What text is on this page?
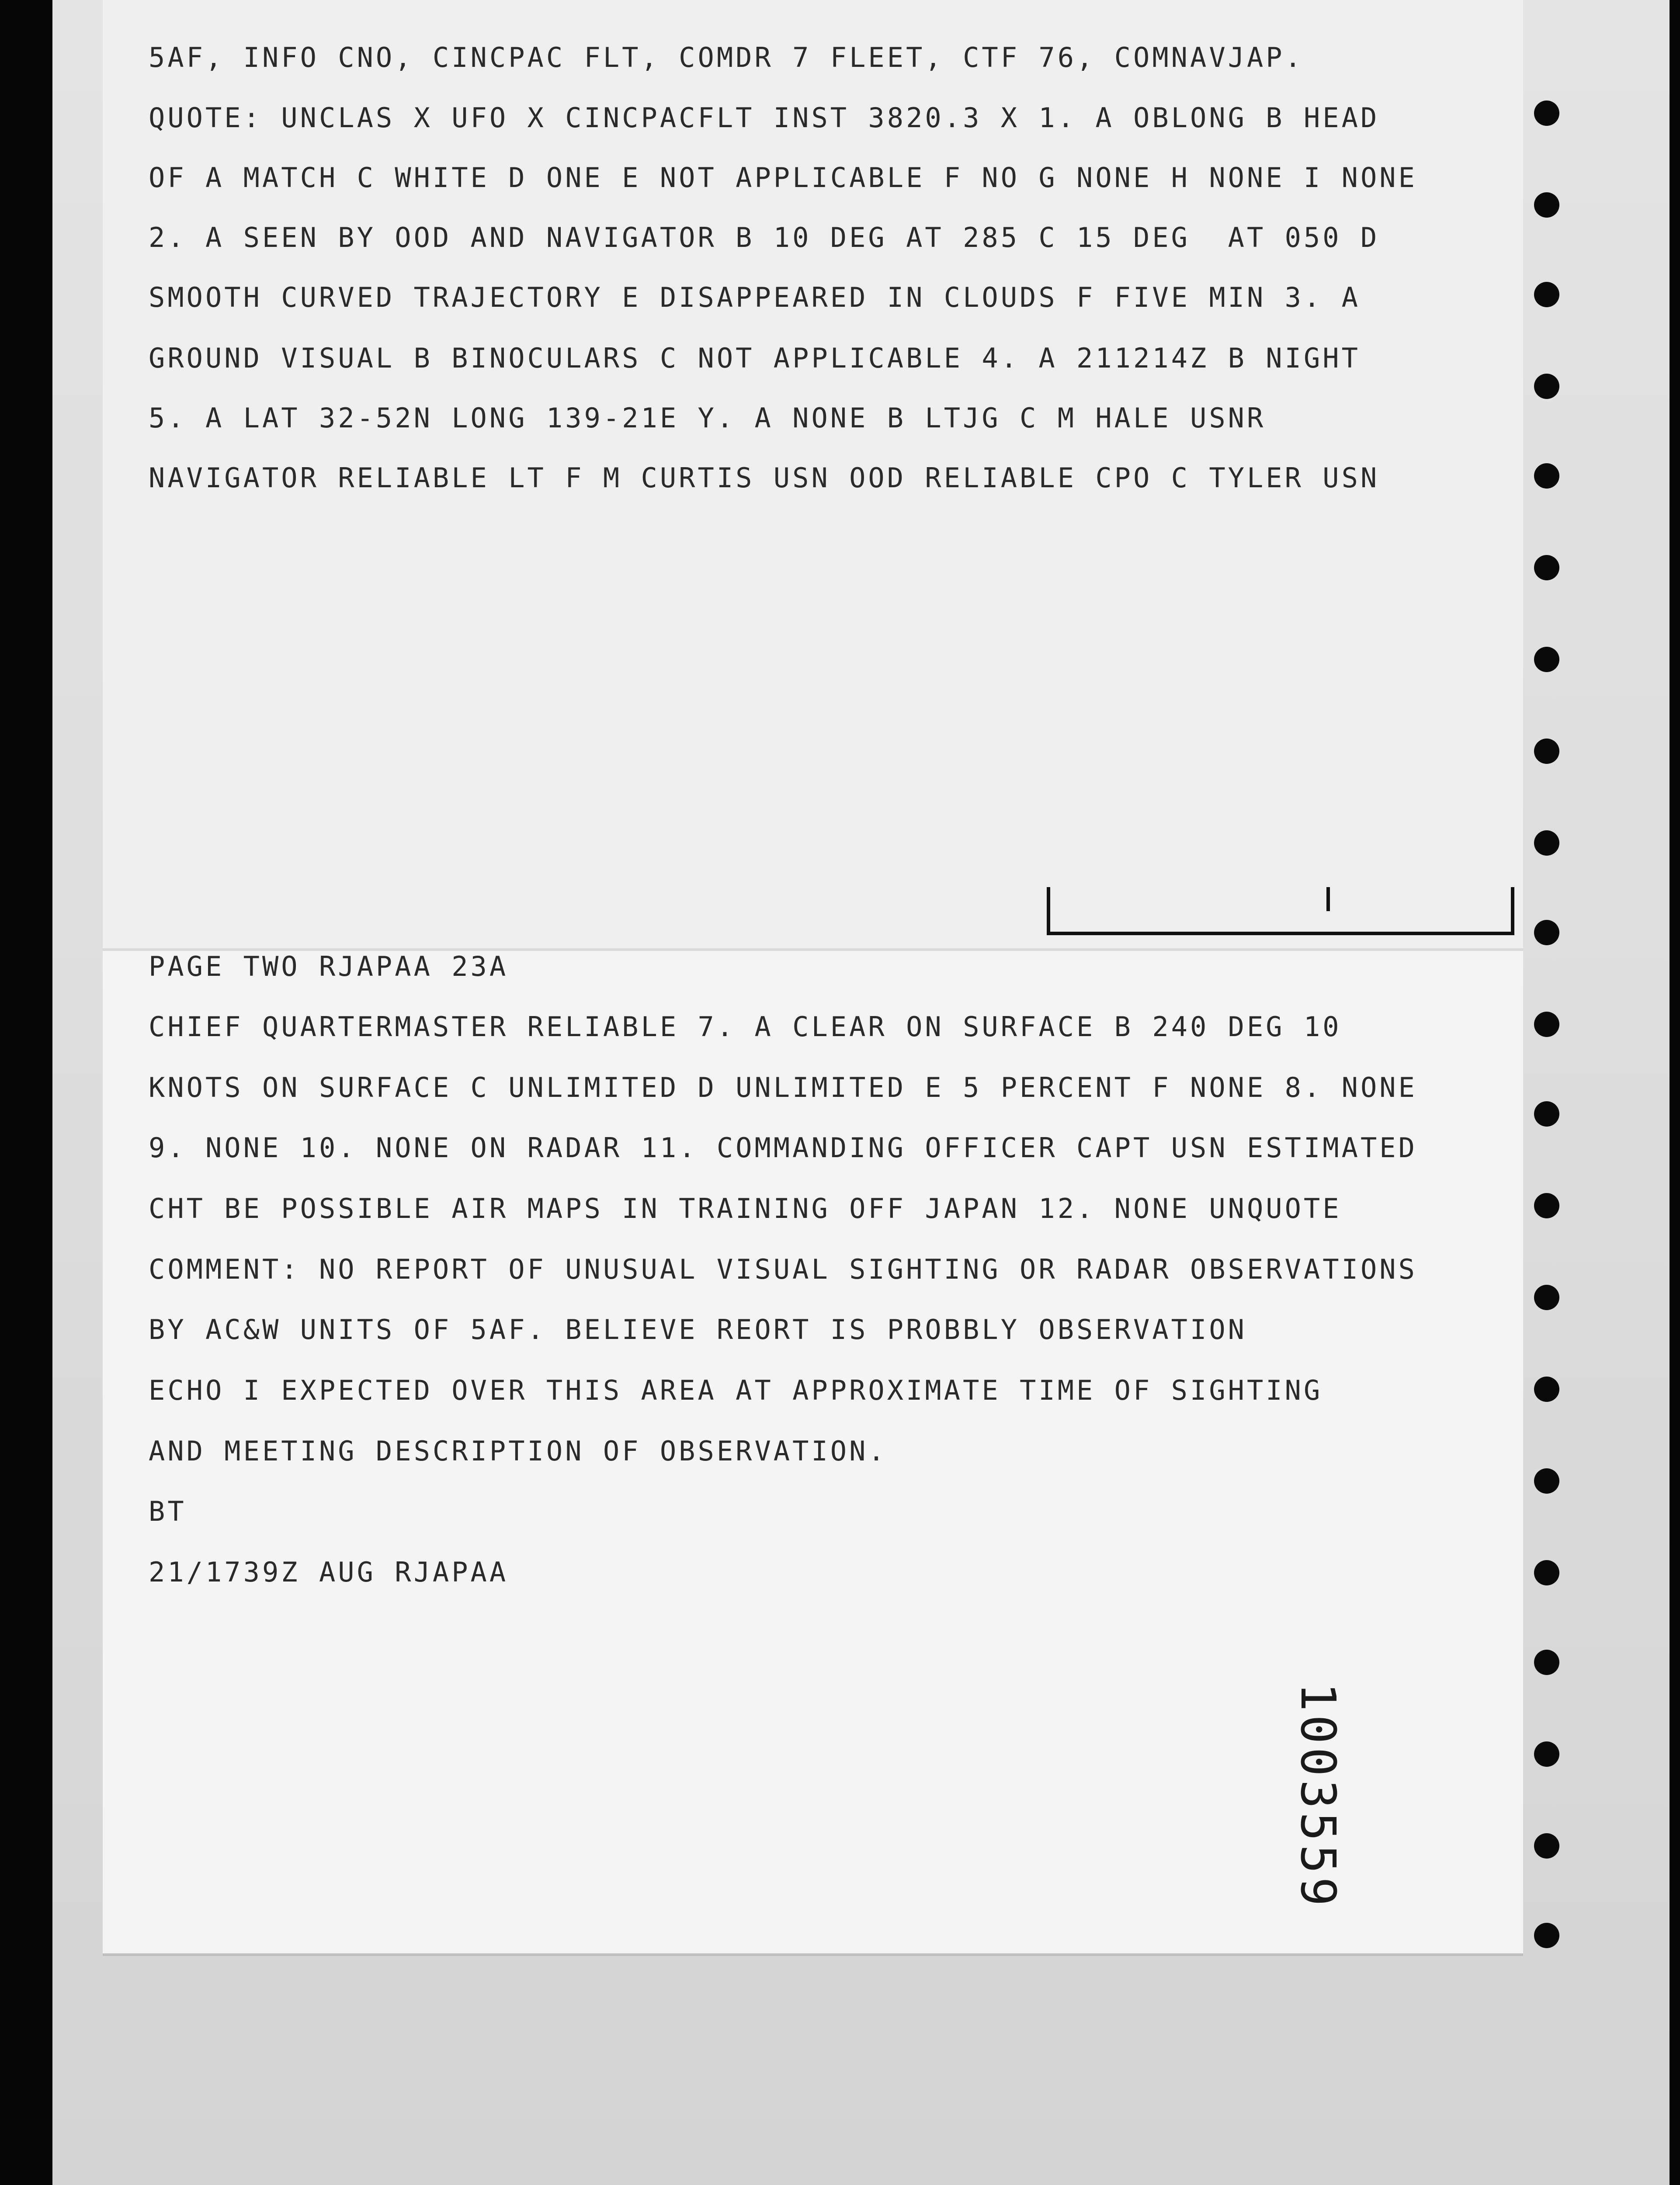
5AF, INFO CNO, CINCPAC FLT, COMDR 7 FLEET, CTF 76, COMNAVJAP.
QUOTE: UNCLAS X UFO X CINCPACFLT INST 3820.3 X 1. A OBLONG B HEAD
OF A MATCH C WHITE D ONE E NOT APPLICABLE F NO G NONE H NONE I NONE
2. A SEEN BY OOD AND NAVIGATOR B 10 DEG AT 285 C 15 DEG  AT 050 D
SMOOTH CURVED TRAJECTORY E DISAPPEARED IN CLOUDS F FIVE MIN 3. A
GROUND VISUAL B BINOCULARS C NOT APPLICABLE 4. A 211214Z B NIGHT
5. A LAT 32-52N LONG 139-21E Y. A NONE B LTJG C M HALE USNR
NAVIGATOR RELIABLE LT F M CURTIS USN OOD RELIABLE CPO C TYLER USN
PAGE TWO RJAPAA 23A
CHIEF QUARTERMASTER RELIABLE 7. A CLEAR ON SURFACE B 240 DEG 10
KNOTS ON SURFACE C UNLIMITED D UNLIMITED E 5 PERCENT F NONE 8. NONE
9. NONE 10. NONE ON RADAR 11. COMMANDING OFFICER CAPT USN ESTIMATED
CHT BE POSSIBLE AIR MAPS IN TRAINING OFF JAPAN 12. NONE UNQUOTE
COMMENT: NO REPORT OF UNUSUAL VISUAL SIGHTING OR RADAR OBSERVATIONS
BY AC&W UNITS OF 5AF. BELIEVE REORT IS PROBBLY OBSERVATION
ECHO I EXPECTED OVER THIS AREA AT APPROXIMATE TIME OF SIGHTING
AND MEETING DESCRIPTION OF OBSERVATION.
BT
21/1739Z AUG RJAPAA
1003559
